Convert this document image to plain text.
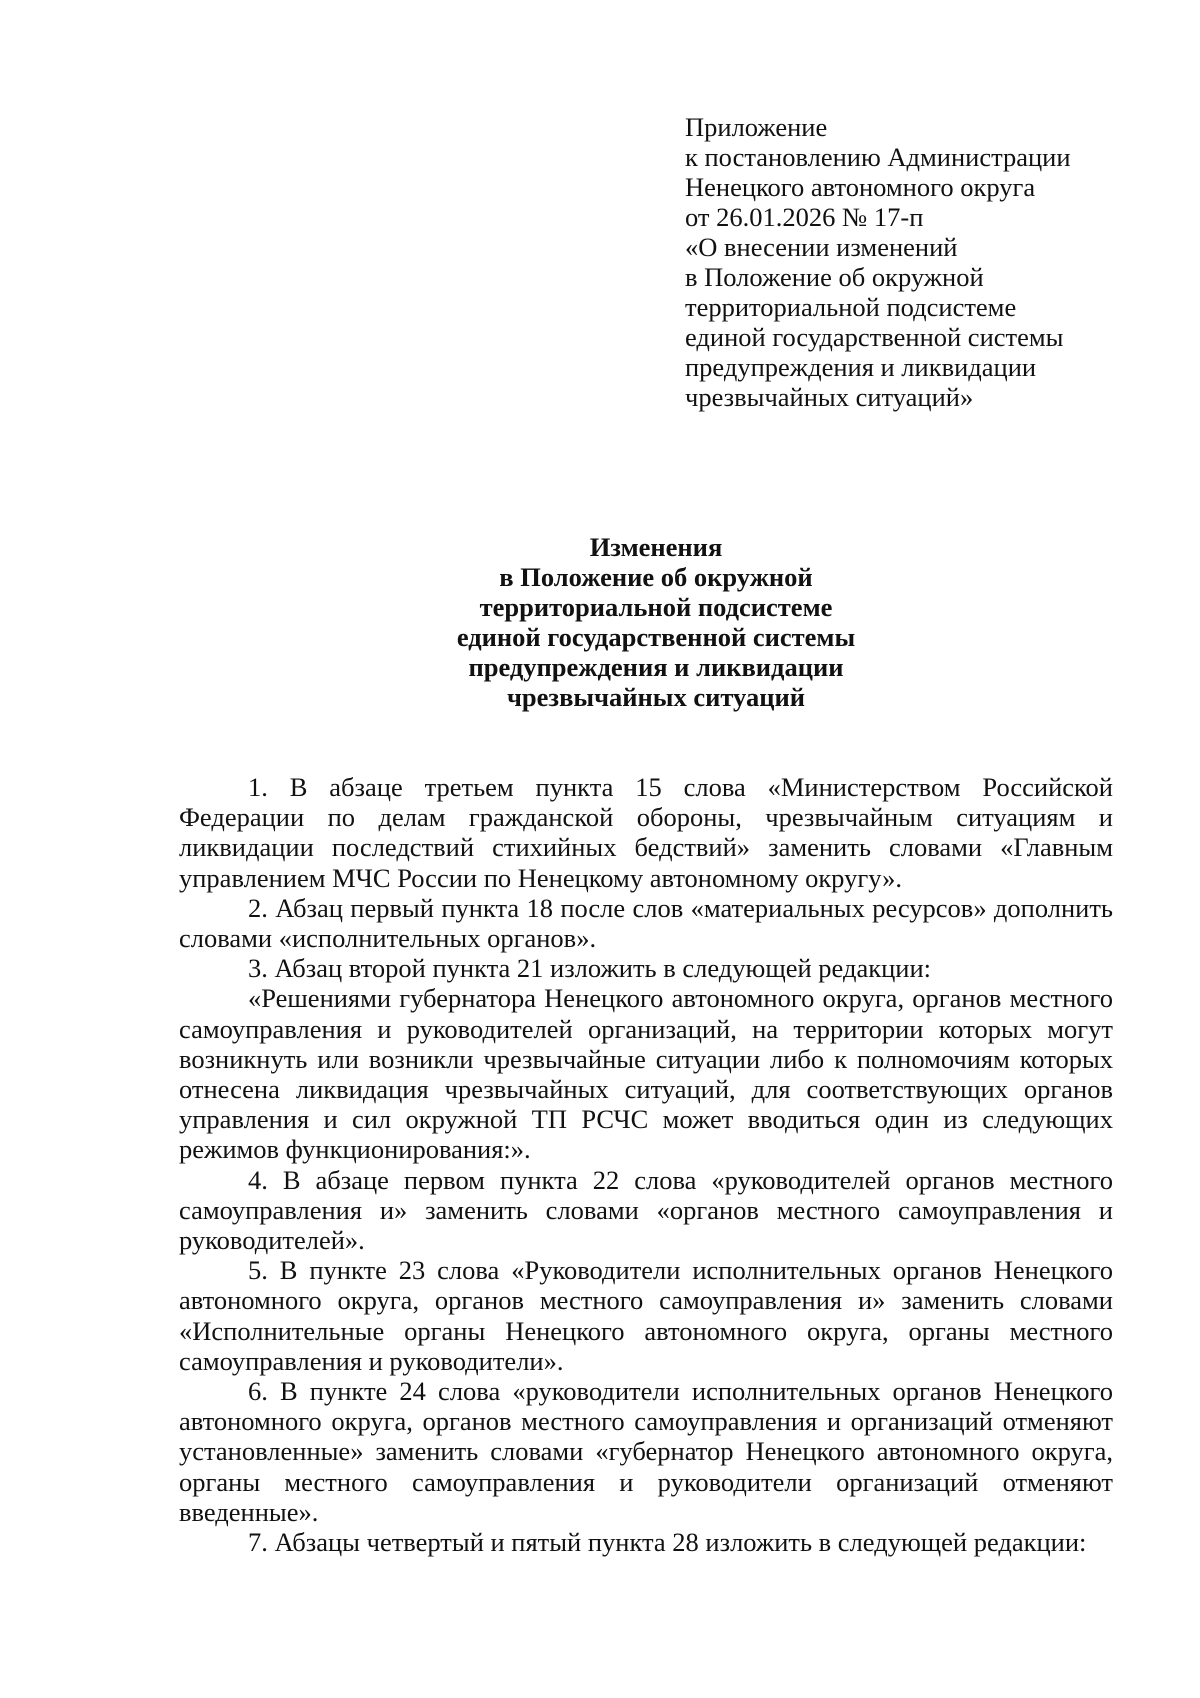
Приложение
к постановлению Администрации
Ненецкого автономного округа
от 26.01.2026 № 17-п
«О внесении изменений
в Положение об окружной
территориальной подсистеме
единой государственной системы
предупреждения и ликвидации
чрезвычайных ситуаций»
Изменения
в Положение об окружной
территориальной подсистеме
единой государственной системы
предупреждения и ликвидации
чрезвычайных ситуаций

1. В абзаце третьем пункта 15 слова «Министерством Российской Федерации по делам гражданской обороны, чрезвычайным ситуациям и ликвидации последствий стихийных бедствий» заменить словами «Главным управлением МЧС России по Ненецкому автономному округу».

2. Абзац первый пункта 18 после слов «материальных ресурсов» дополнить словами «исполнительных органов».

3. Абзац второй пункта 21 изложить в следующей редакции:

«Решениями губернатора Ненецкого автономного округа, органов местного самоуправления и руководителей организаций, на территории которых могут возникнуть или возникли чрезвычайные ситуации либо к полномочиям которых отнесена ликвидация чрезвычайных ситуаций, для соответствующих органов управления и сил окружной ТП РСЧС может вводиться один из следующих режимов функционирования:».

4. В абзаце первом пункта 22 слова «руководителей органов местного самоуправления и» заменить словами «органов местного самоуправления и руководителей».

5. В пункте 23 слова «Руководители исполнительных органов Ненецкого автономного округа, органов местного самоуправления и» заменить словами «Исполнительные органы Ненецкого автономного округа, органы местного самоуправления и руководители».

6. В пункте 24 слова «руководители исполнительных органов Ненецкого автономного округа, органов местного самоуправления и организаций отменяют установленные» заменить словами «губернатор Ненецкого автономного округа, органы местного самоуправления и руководители организаций отменяют введенные».

7. Абзацы четвертый и пятый пункта 28 изложить в следующей редакции:
